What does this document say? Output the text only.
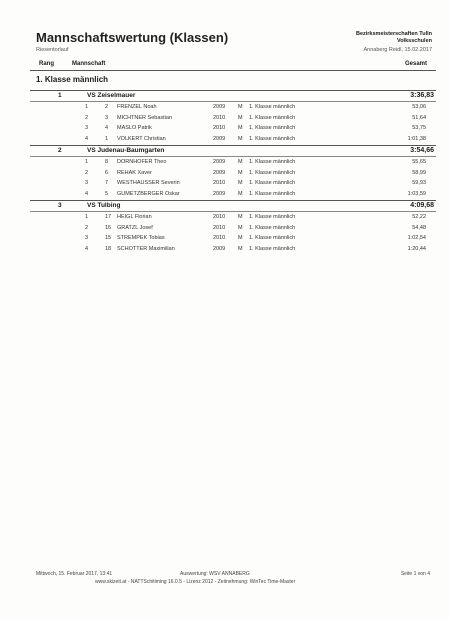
Mannschaftswertung (Klassen)
Riesentorlauf
Bezirksmeisterschaften Tulln
Volksschulen
Annaberg Reidl, 15.02.2017
Rang	Mannschaft	Gesamt
1. Klasse männlich
1	VS Zeiselmauer	3:36,83
1	2 FRENZEL Noah	2009 M 1. Klasse männlich	53,06
2	3 MICHTNER Sebastian	2010 M 1. Klasse männlich	51,64
3	4 MASLO Patrik	2010 M 1. Klasse männlich	53,75
4	1 VOLKERT Christian	2009 M 1. Klasse männlich	1:01,38
2	VS Judenau-Baumgarten	3:54,66
1	8 DORNHOFER Theo	2009 M 1. Klasse männlich	55,65
2	6 REHAK Xaver	2009 M 1. Klasse männlich	58,99
3	7 WESTHAUSSER Severin	2010 M 1. Klasse männlich	59,93
4	5 GUMETZBERGER Oskar	2009 M 1. Klasse männlich	1:03,59
3	VS Tulbing	4:09,68
1	17 HEIGL Florian	2010 M 1. Klasse männlich	52,22
2	16 GRATZL Josef	2010 M 1. Klasse männlich	54,48
3	15 STREMPEK Tobias	2010 M 1. Klasse männlich	1:02,54
4	18 SCHOTTER Maximilian	2009 M 1. Klasse männlich	1:20,44
Mittwoch, 15. Februar 2017, 13:41	Auswertung: WSV ANNABERG	Seite 1 von 4
www.skizeit.at - NATTSchitiming 16.0.5 - Lizenz 2012 - Zeitnehmung: WinTec Time-Master
